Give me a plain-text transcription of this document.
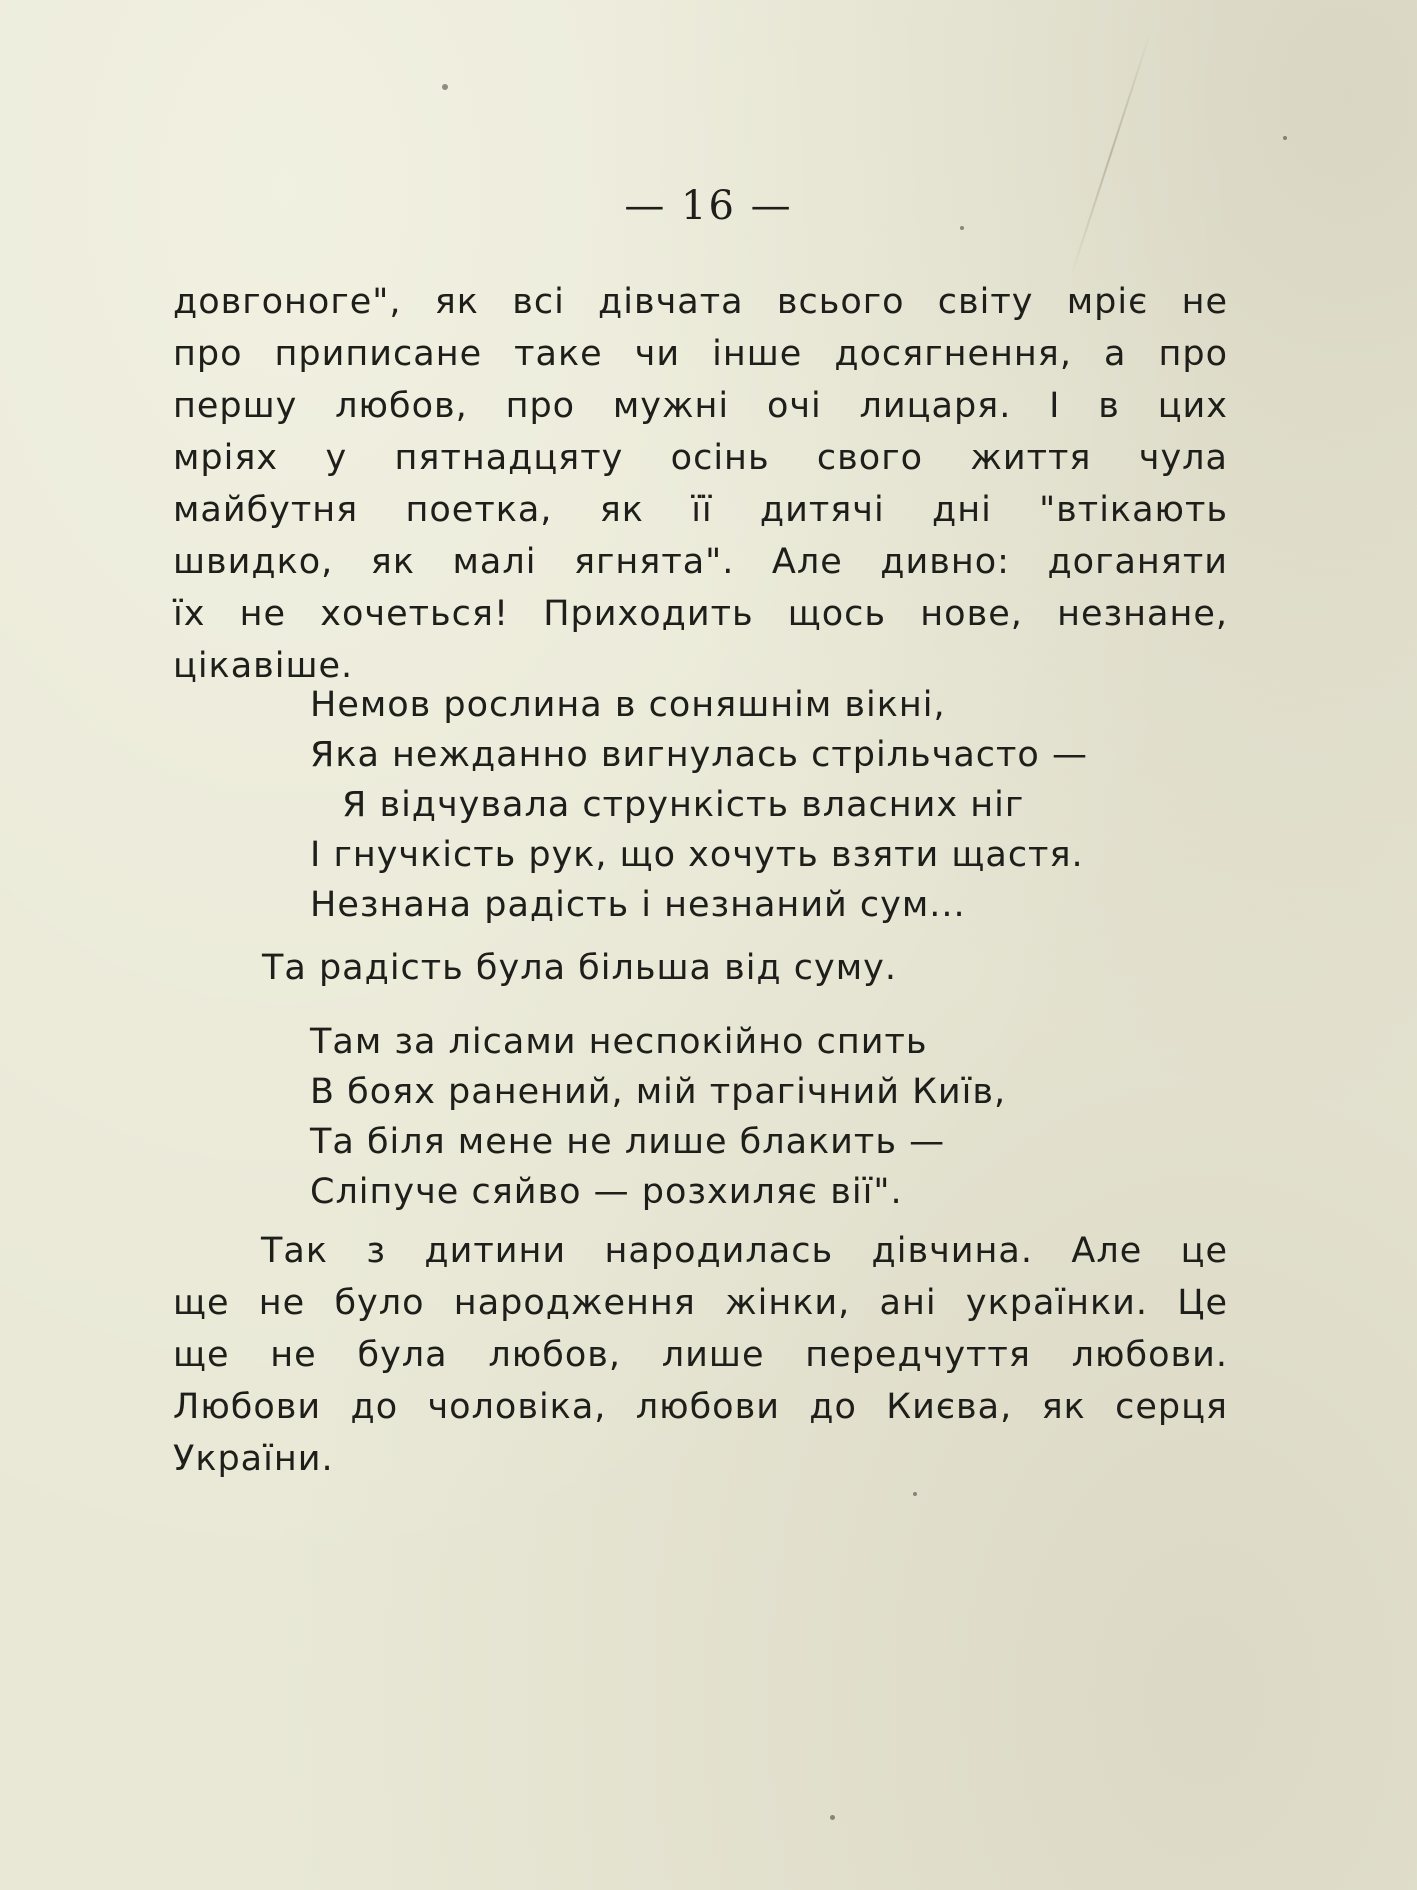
— 16 —
довгоноге", як всі дівчата всього світу мріє не
про приписане таке чи інше досягнення, а про
першу любов, про мужні очі лицаря. І в цих
мріях у пятнадцяту осінь свого життя чула
майбутня поетка, як її дитячі дні "втікають
швидко, як малі ягнята". Але дивно: доганяти
їх не хочеться! Приходить щось нове, незнане,
цікавіше.
Немов рослина в соняшнім вікні,
Яка нежданно вигнулась стрільчасто —
Я відчувала стрункість власних ніг
І гнучкість рук, що хочуть взяти щастя.
Незнана радість і незнаний сум...
Та радість була більша від суму.
Там за лісами неспокійно спить
В боях ранений, мій трагічний Київ,
Та біля мене не лише блакить —
Сліпуче сяйво — розхиляє вії".
Так з дитини народилась дівчина. Але це
ще не було народження жінки, ані українки. Це
ще не була любов, лише передчуття любови.
Любови до чоловіка, любови до Києва, як серця
України.
